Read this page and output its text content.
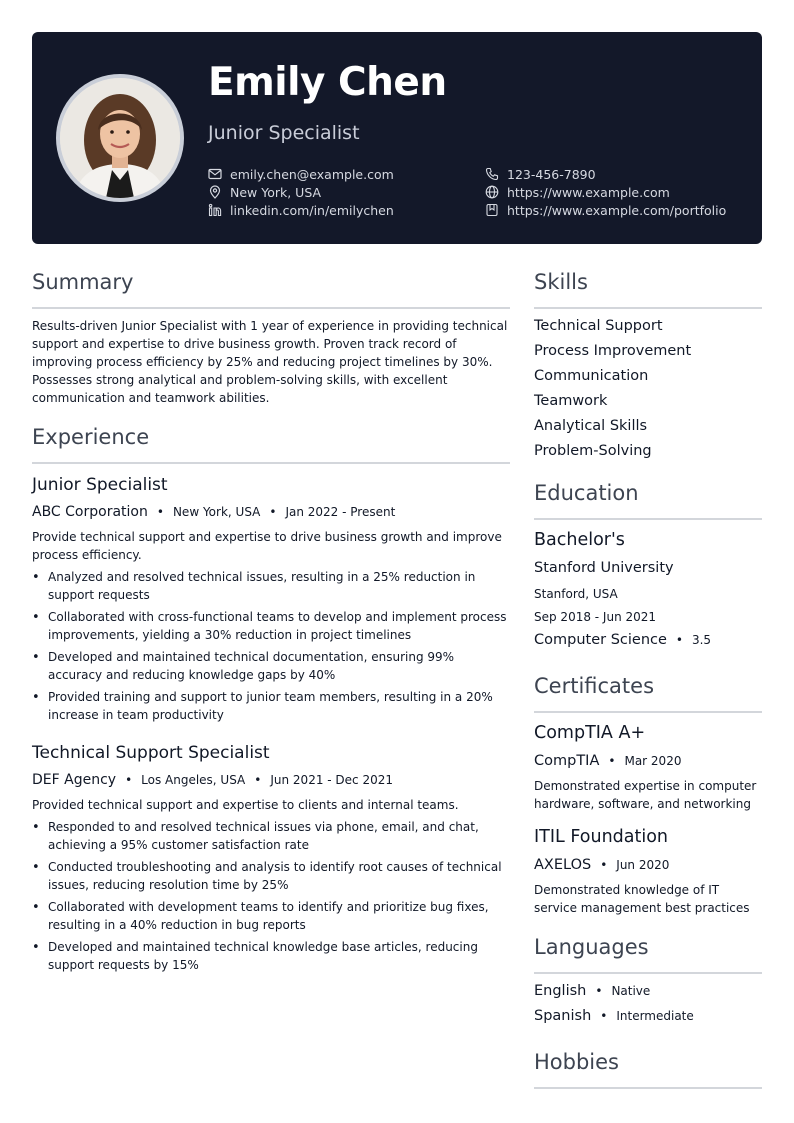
Emily Chen
Junior Specialist
emily.chen@example.com
New York, USA
linkedin.com/in/emilychen
123-456-7890
https://www.example.com
https://www.example.com/portfolio
Summary
Results-driven Junior Specialist with 1 year of experience in providing technical support and expertise to drive business growth. Proven track record of improving process efficiency by 25% and reducing project timelines by 30%. Possesses strong analytical and problem-solving skills, with excellent communication and teamwork abilities.
Experience
Junior Specialist
ABC Corporation • New York, USA • Jan 2022 - Present
Provide technical support and expertise to drive business growth and improve process efficiency.
• Analyzed and resolved technical issues, resulting in a 25% reduction in support requests
• Collaborated with cross-functional teams to develop and implement process improvements, yielding a 30% reduction in project timelines
• Developed and maintained technical documentation, ensuring 99% accuracy and reducing knowledge gaps by 40%
• Provided training and support to junior team members, resulting in a 20% increase in team productivity
Technical Support Specialist
DEF Agency • Los Angeles, USA • Jun 2021 - Dec 2021
Provided technical support and expertise to clients and internal teams.
• Responded to and resolved technical issues via phone, email, and chat, achieving a 95% customer satisfaction rate
• Conducted troubleshooting and analysis to identify root causes of technical issues, reducing resolution time by 25%
• Collaborated with development teams to identify and prioritize bug fixes, resulting in a 40% reduction in bug reports
• Developed and maintained technical knowledge base articles, reducing support requests by 15%
Skills
Technical Support
Process Improvement
Communication
Teamwork
Analytical Skills
Problem-Solving
Education
Bachelor's
Stanford University
Stanford, USA
Sep 2018 - Jun 2021
Computer Science • 3.5
Certificates
CompTIA A+
CompTIA • Mar 2020
Demonstrated expertise in computer hardware, software, and networking
ITIL Foundation
AXELOS • Jun 2020
Demonstrated knowledge of IT service management best practices
Languages
English • Native
Spanish • Intermediate
Hobbies
